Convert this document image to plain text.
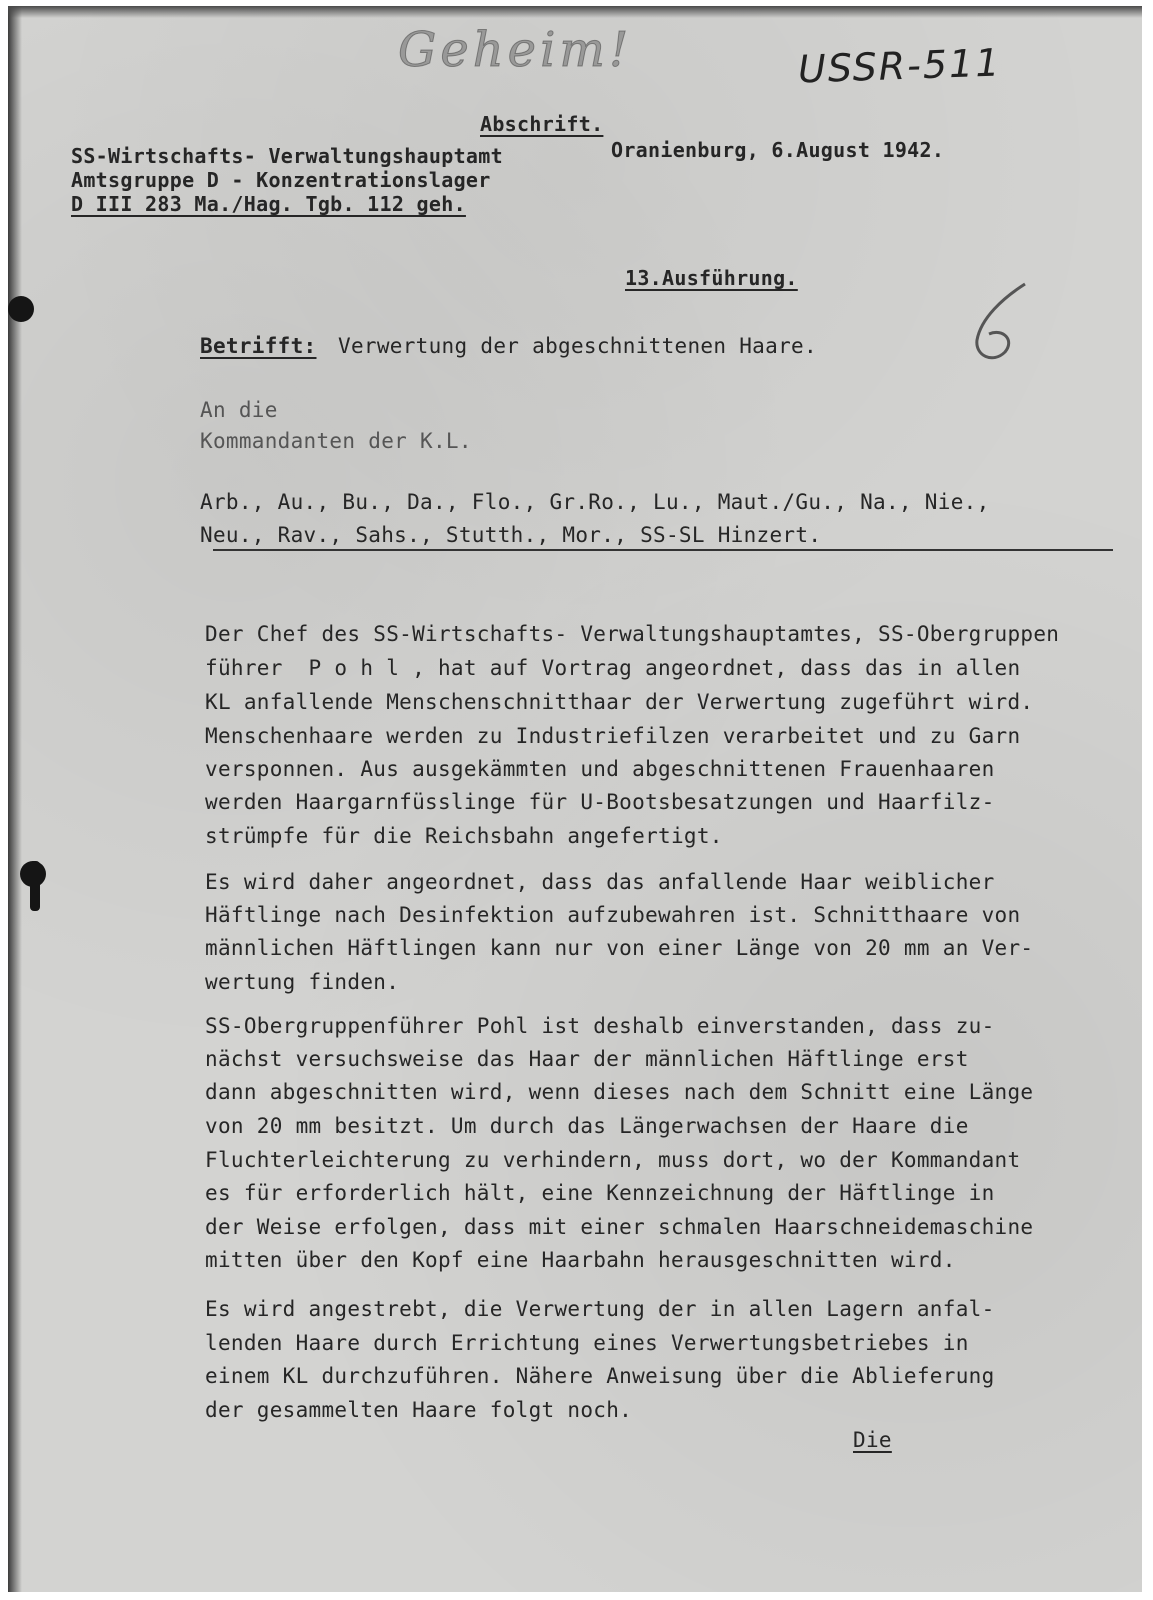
Geheim!	USSR-511
Abschrift.
SS-Wirtschafts- Verwaltungshauptamt
Amtsgruppe D - Konzentrationslager
D III 283 Ma./Hag. Tgb. 112 geh.
Oranienburg, 6.August 1942.
13.Ausführung.
Betrifft: Verwertung der abgeschnittenen Haare.
An die
Kommandanten der K.L.
Arb., Au., Bu., Da., Flo., Gr.Ro., Lu., Maut./Gu., Na., Nie.,
Neu., Rav., Sahs., Stutth., Mor., SS-SL Hinzert.
Der Chef des SS-Wirtschafts- Verwaltungshauptamtes, SS-Obergruppen
führer  P o h l , hat auf Vortrag angeordnet, dass das in allen
KL anfallende Menschenschnitthaar der Verwertung zugeführt wird.
Menschenhaare werden zu Industriefilzen verarbeitet und zu Garn
versponnen. Aus ausgekämmten und abgeschnittenen Frauenhaaren
werden Haargarnfüsslinge für U-Bootsbesatzungen und Haarfilz-
strümpfe für die Reichsbahn angefertigt.
Es wird daher angeordnet, dass das anfallende Haar weiblicher
Häftlinge nach Desinfektion aufzubewahren ist. Schnitthaare von
männlichen Häftlingen kann nur von einer Länge von 20 mm an Ver-
wertung finden.
SS-Obergruppenführer Pohl ist deshalb einverstanden, dass zu-
nächst versuchsweise das Haar der männlichen Häftlinge erst
dann abgeschnitten wird, wenn dieses nach dem Schnitt eine Länge
von 20 mm besitzt. Um durch das Längerwachsen der Haare die
Fluchterleichterung zu verhindern, muss dort, wo der Kommandant
es für erforderlich hält, eine Kennzeichnung der Häftlinge in
der Weise erfolgen, dass mit einer schmalen Haarschneidemaschine
mitten über den Kopf eine Haarbahn herausgeschnitten wird.
Es wird angestrebt, die Verwertung der in allen Lagern anfal-
lenden Haare durch Errichtung eines Verwertungsbetriebes in
einem KL durchzuführen. Nähere Anweisung über die Ablieferung
der gesammelten Haare folgt noch.
Die
